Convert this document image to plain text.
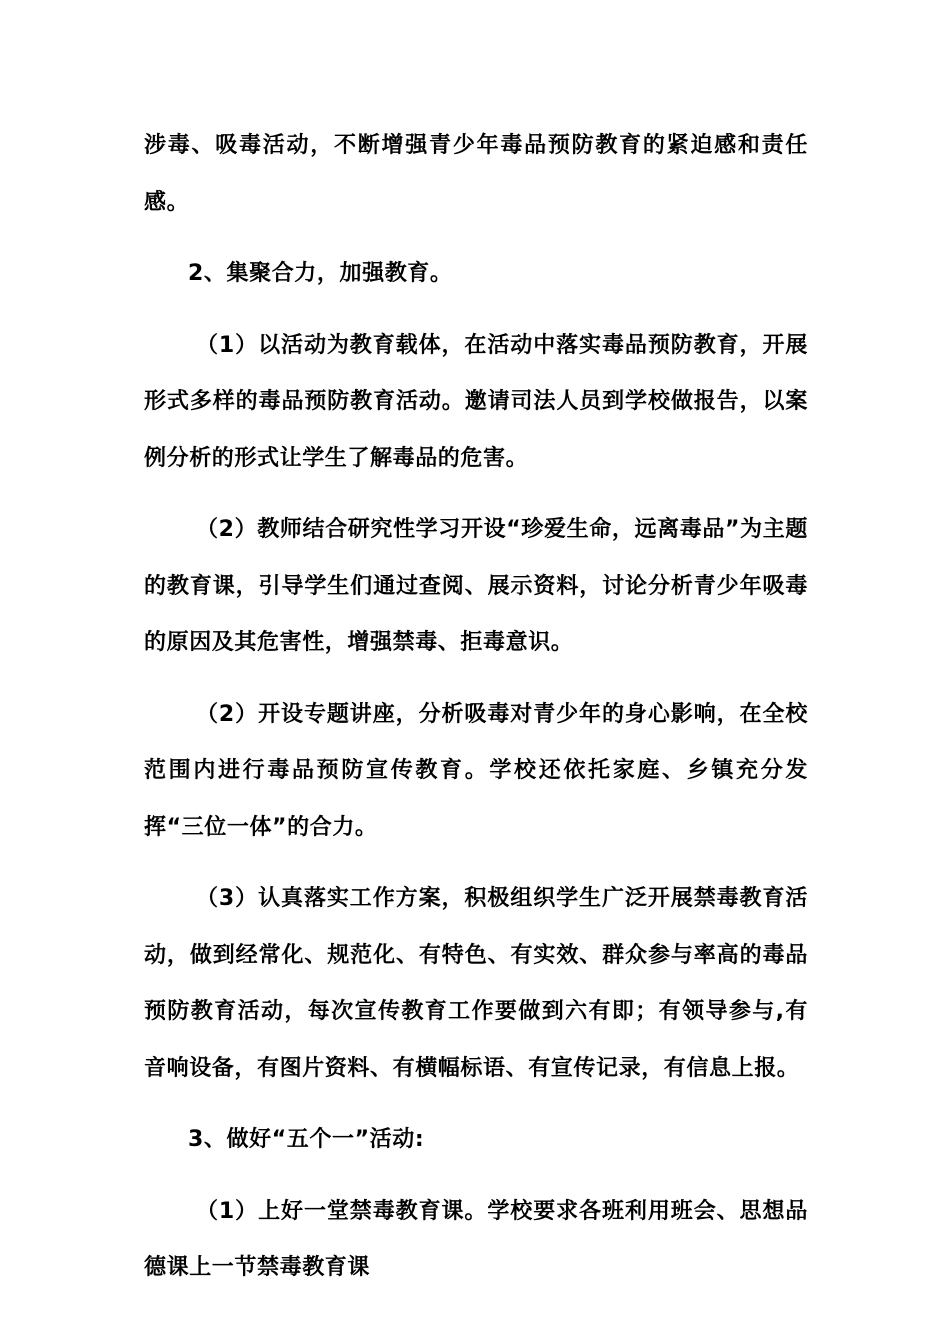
涉毒、吸毒活动，不断增强青少年毒品预防教育的紧迫感和责任感。

2、集聚合力，加强教育。

（1）以活动为教育载体，在活动中落实毒品预防教育，开展形式多样的毒品预防教育活动。邀请司法人员到学校做报告，以案例分析的形式让学生了解毒品的危害。

（2）教师结合研究性学习开设“珍爱生命，远离毒品”为主题的教育课，引导学生们通过查阅、展示资料，讨论分析青少年吸毒的原因及其危害性，增强禁毒、拒毒意识。

（2）开设专题讲座，分析吸毒对青少年的身心影响，在全校范围内进行毒品预防宣传教育。学校还依托家庭、乡镇充分发挥“三位一体”的合力。

（3）认真落实工作方案，积极组织学生广泛开展禁毒教育活动，做到经常化、规范化、有特色、有实效、群众参与率高的毒品预防教育活动，每次宣传教育工作要做到六有即；有领导参与,有音响设备，有图片资料、有横幅标语、有宣传记录，有信息上报。

3、做好“五个一”活动:

（1）上好一堂禁毒教育课。学校要求各班利用班会、思想品德课上一节禁毒教育课
